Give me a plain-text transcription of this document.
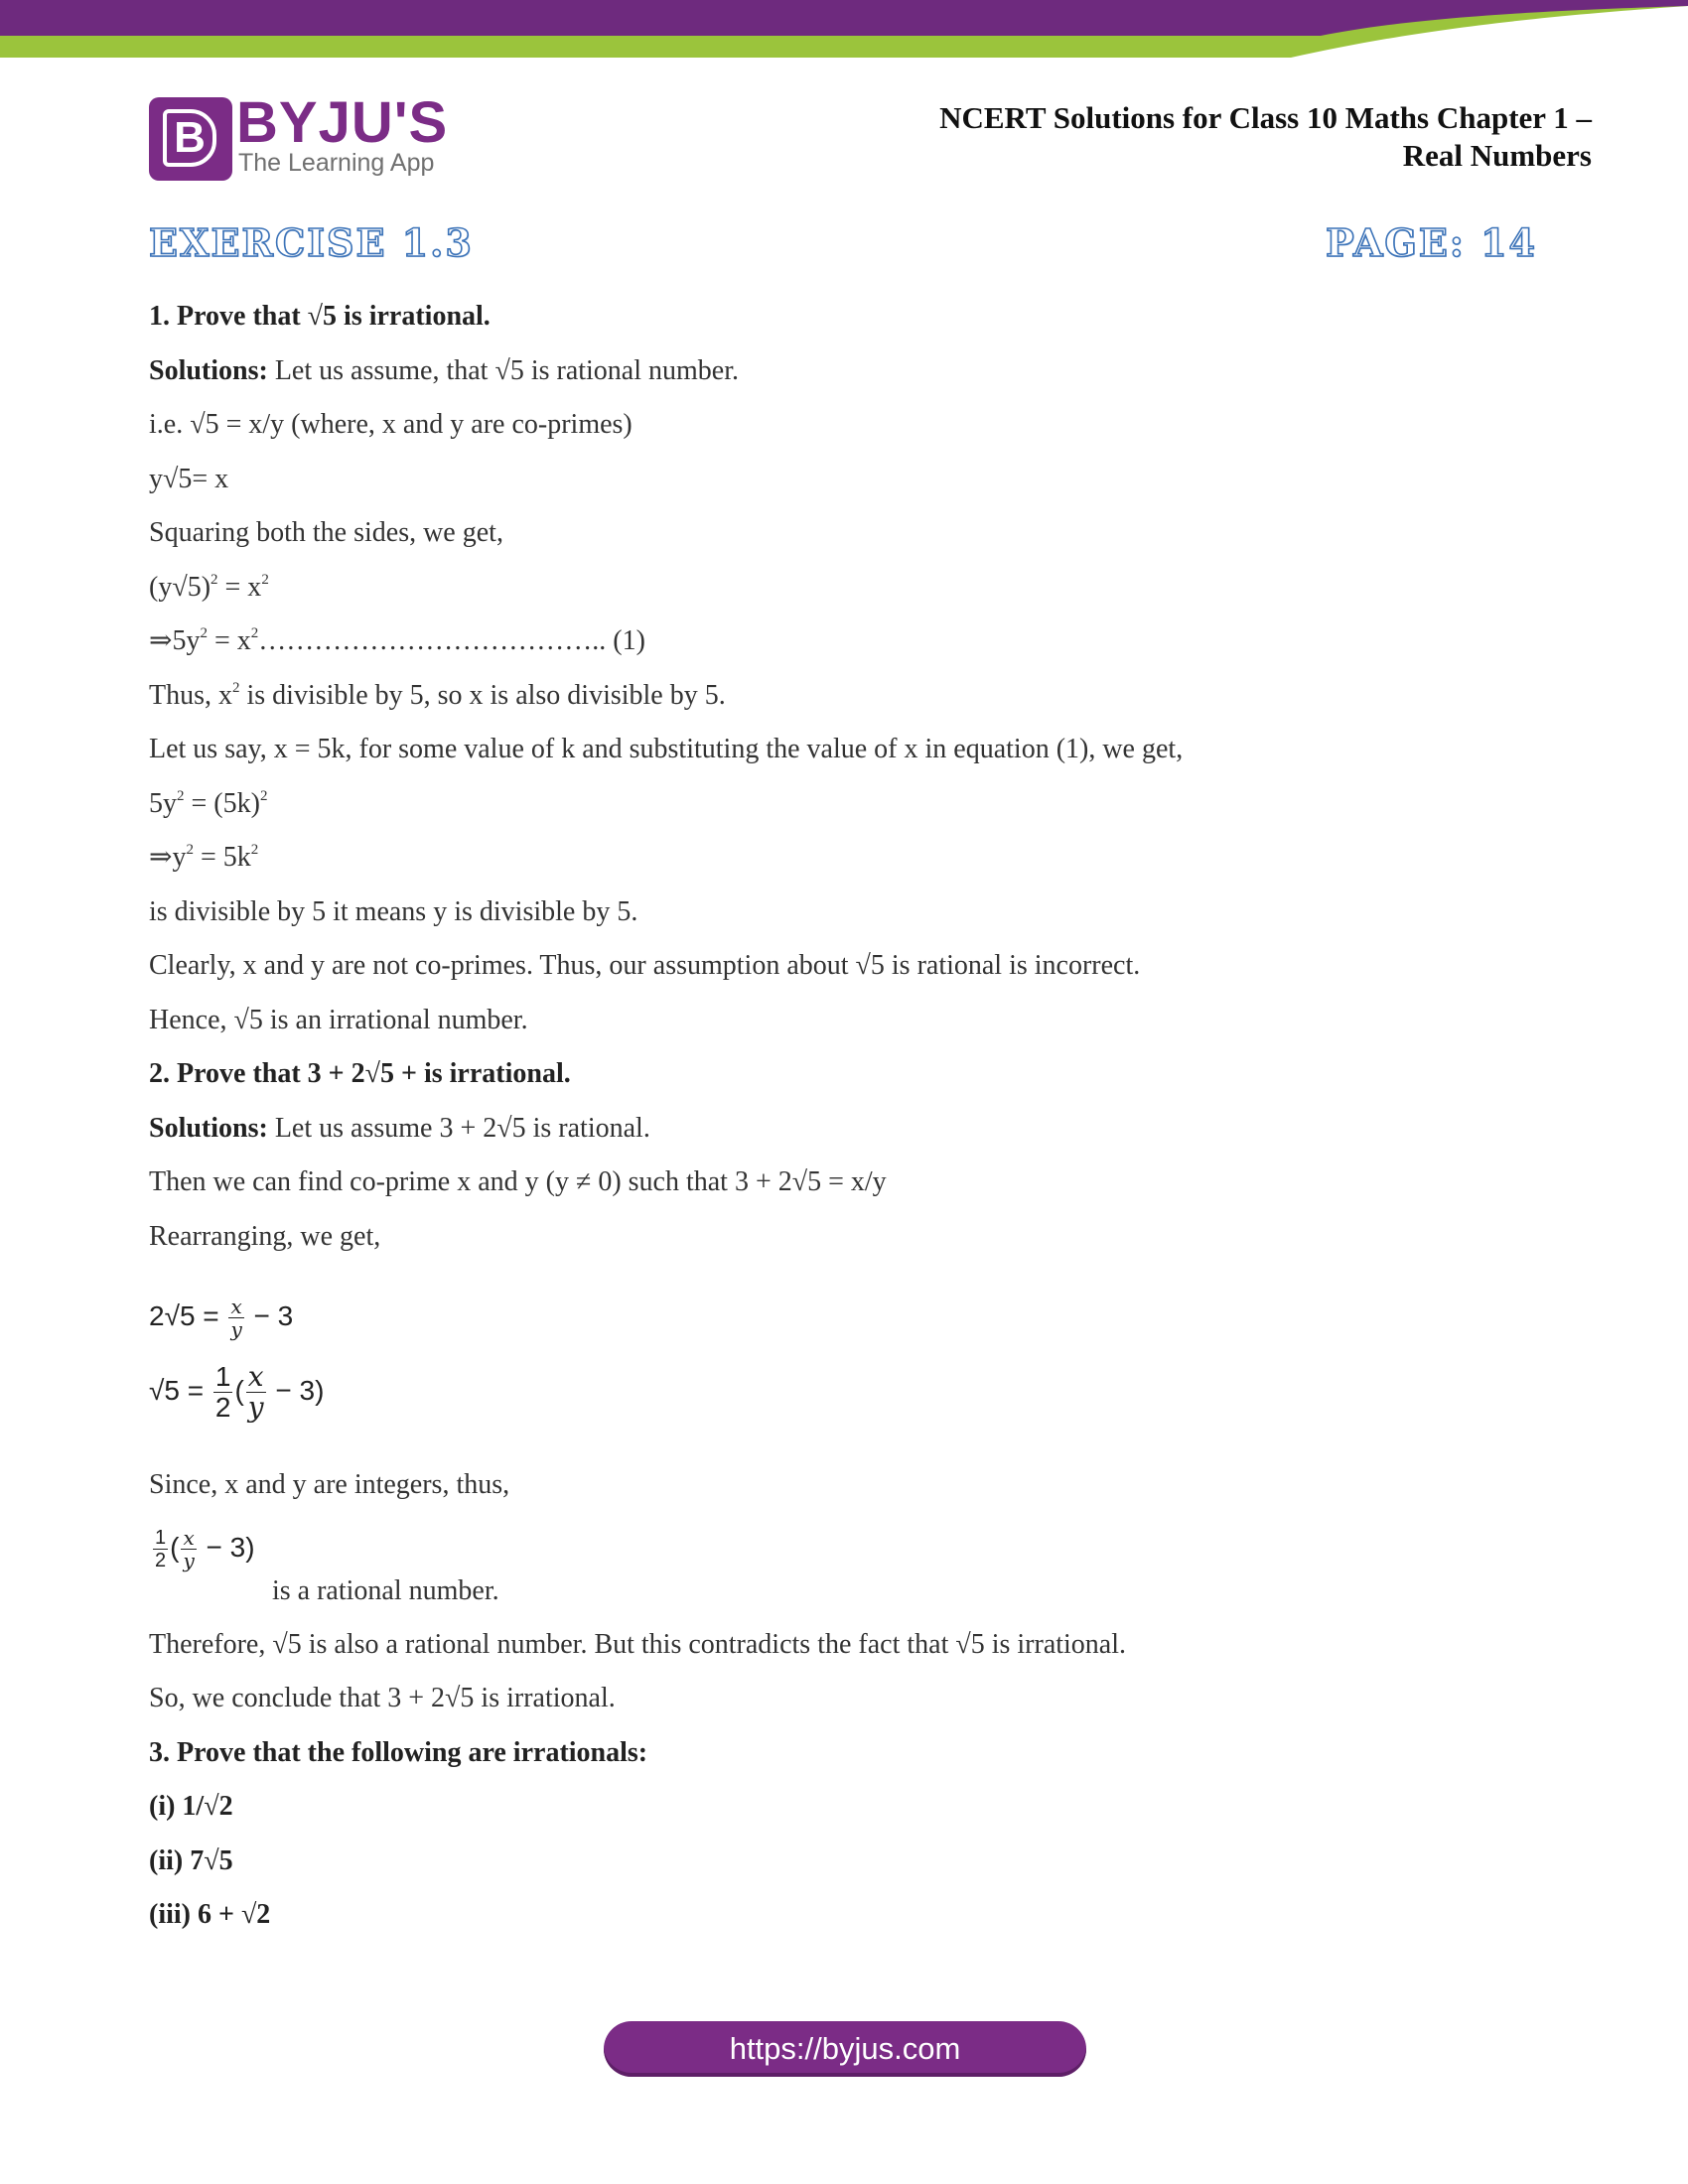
B BYJU'S
The Learning App
NCERT Solutions for Class 10 Maths Chapter 1 –
Real Numbers
EXERCISE 1.3	PAGE: 14
1. Prove that √5 is irrational.
Solutions: Let us assume, that √5 is rational number.
i.e. √5 = x/y (where, x and y are co-primes)
y√5= x
Squaring both the sides, we get,
$(y√5)^2 = x^2$
$\Rightarrow 5y^2$ = $x^2\dots\dots\dots\dots\dots\dots\dots\dots\dots\dots\dots\dots$.. (1)
Thus, $x^2$ is divisible by 5, so x is also divisible by 5.
Let us say, x = 5k, for some value of k and substituting the value of x in equation (1), we get,
$5y^2 = (5k)^2$
$\Rightarrow y^2 = 5k^2$
is divisible by 5 it means y is divisible by 5.
Clearly, x and y are not co-primes. Thus, our assumption about √5 is rational is incorrect.
Hence, √5 is an irrational number.
2. Prove that 3 + 2√5 + is irrational.
Solutions: Let us assume 3 + 2√5 is rational.
Then we can find co-prime x and y (y ≠ 0) such that 3 + 2√5 = x/y
Rearranging, we get,
$2√5 = \frac{x}{y} - 3$
$√5 = \frac{1}{2}$ ( $\frac{x}{y} - 3$)
Since, x and y are integers, thus,
$\frac{1}{2}$ ( $\frac{x}{y} - 3$)
is a rational number.
Therefore, √5 is also a rational number. But this contradicts the fact that √5 is irrational.
So, we conclude that 3 + 2√5 is irrational.
3. Prove that the following are irrationals:
(i) 1/√2
(ii) 7√5
(iii) 6 + √2
https://byjus.com
